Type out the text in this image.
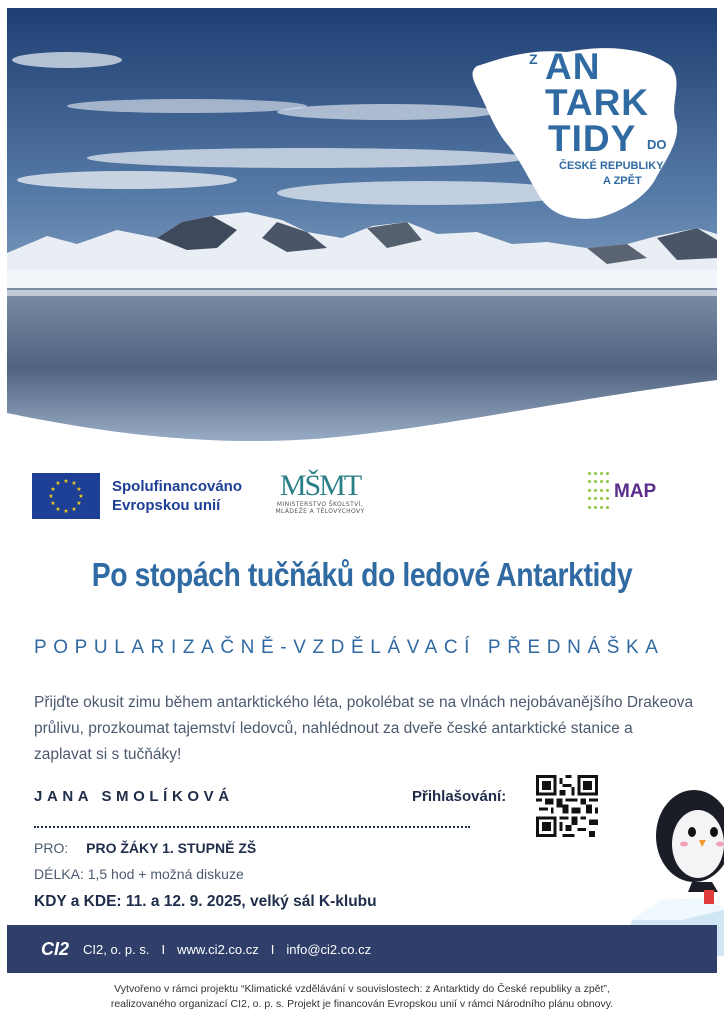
Z AN
TARK
TIDY DO
ČESKÉ REPUBLIKY
A ZPĚT
★ ★
★
★
★
★
★
★
★
★
★
★	Spolufinancováno
Evropskou unií
MŠMT
MINISTERSTVO ŠKOLSTVÍ,
MLÁDEŽE A TĚLOVÝCHOVY
MAP
Po stopách tučňáků do ledové Antarktidy
POPULARIZAČNĚ-VZDĚLÁVACÍ PŘEDNÁŠKA
Přijďte okusit zimu během antarktického léta, pokolébat se na vlnách nejobávanějšího Drakeova průlivu, prozkoumat tajemství ledovců, nahlédnout za dveře české antarktické stanice a zaplavat si s tučňáky!
JANA SMOLÍKOVÁ	Přihlašování:
PRO: PRO ŽÁKY 1. STUPNĚ ZŠ
DÉLKA: 1,5 hod + možná diskuze
KDY a KDE: 11. a 12. 9. 2025, velký sál K-klubu
CI2 CI2, o. p. s. I www.ci2.co.cz I info@ci2.co.cz
Vytvořeno v rámci projektu “Klimatické vzdělávání v souvislostech: z Antarktidy do České republiky a zpět”,
realizovaného organizací CI2, o. p. s. Projekt je financován Evropskou unií v rámci Národního plánu obnovy.
